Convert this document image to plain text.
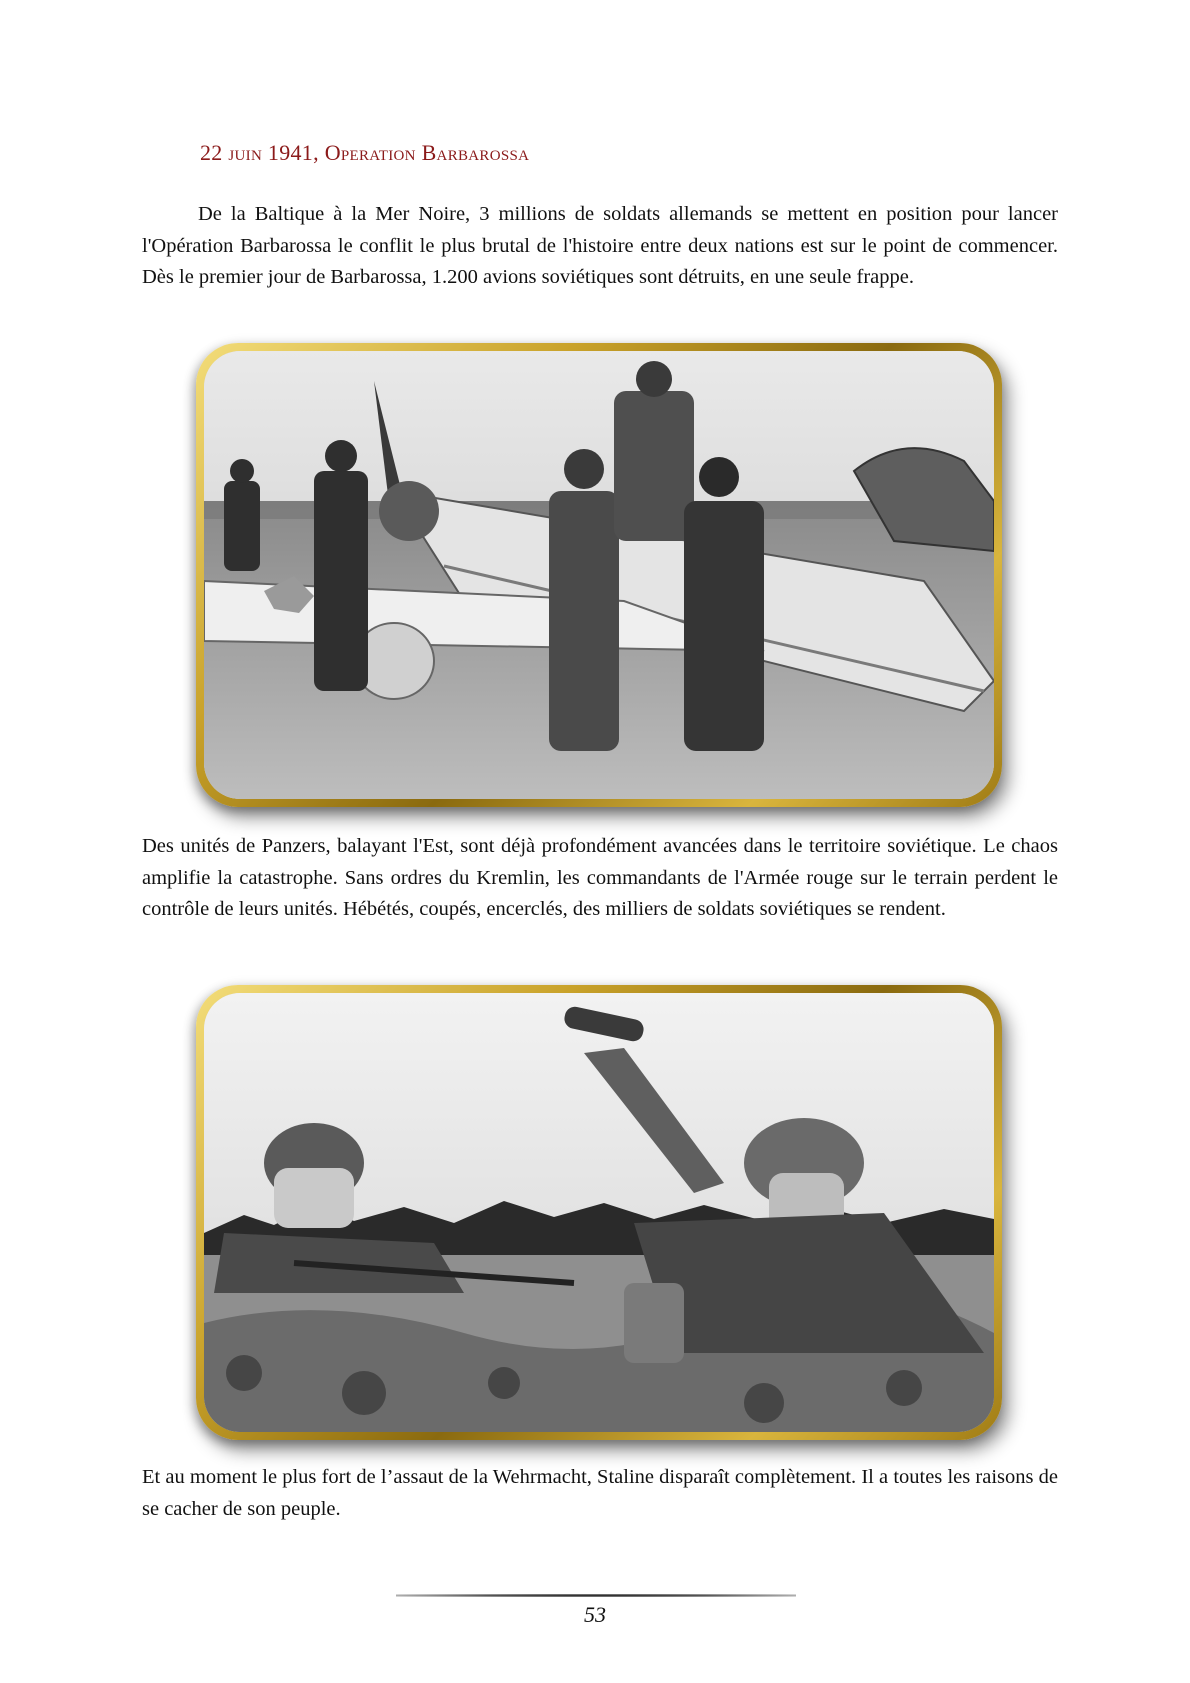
22 juin 1941, Operation Barbarossa

De la Baltique à la Mer Noire, 3 millions de soldats allemands se mettent en position pour lancer l'Opération Barbarossa le conflit le plus brutal de l'histoire entre deux nations est sur le point de commencer. Dès le premier jour de Barbarossa, 1.200 avions soviétiques sont détruits, en une seule frappe.

Des unités de Panzers, balayant l'Est, sont déjà profondément avancées dans le territoire soviétique. Le chaos amplifie la catastrophe. Sans ordres du Kremlin, les commandants de l'Armée rouge sur le terrain perdent le contrôle de leurs unités. Hébétés, coupés, encerclés, des milliers de soldats soviétiques se rendent.

Et au moment le plus fort de l’assaut de la Wehrmacht, Staline disparaît complètement. Il a toutes les raisons de se cacher de son peuple.

53
